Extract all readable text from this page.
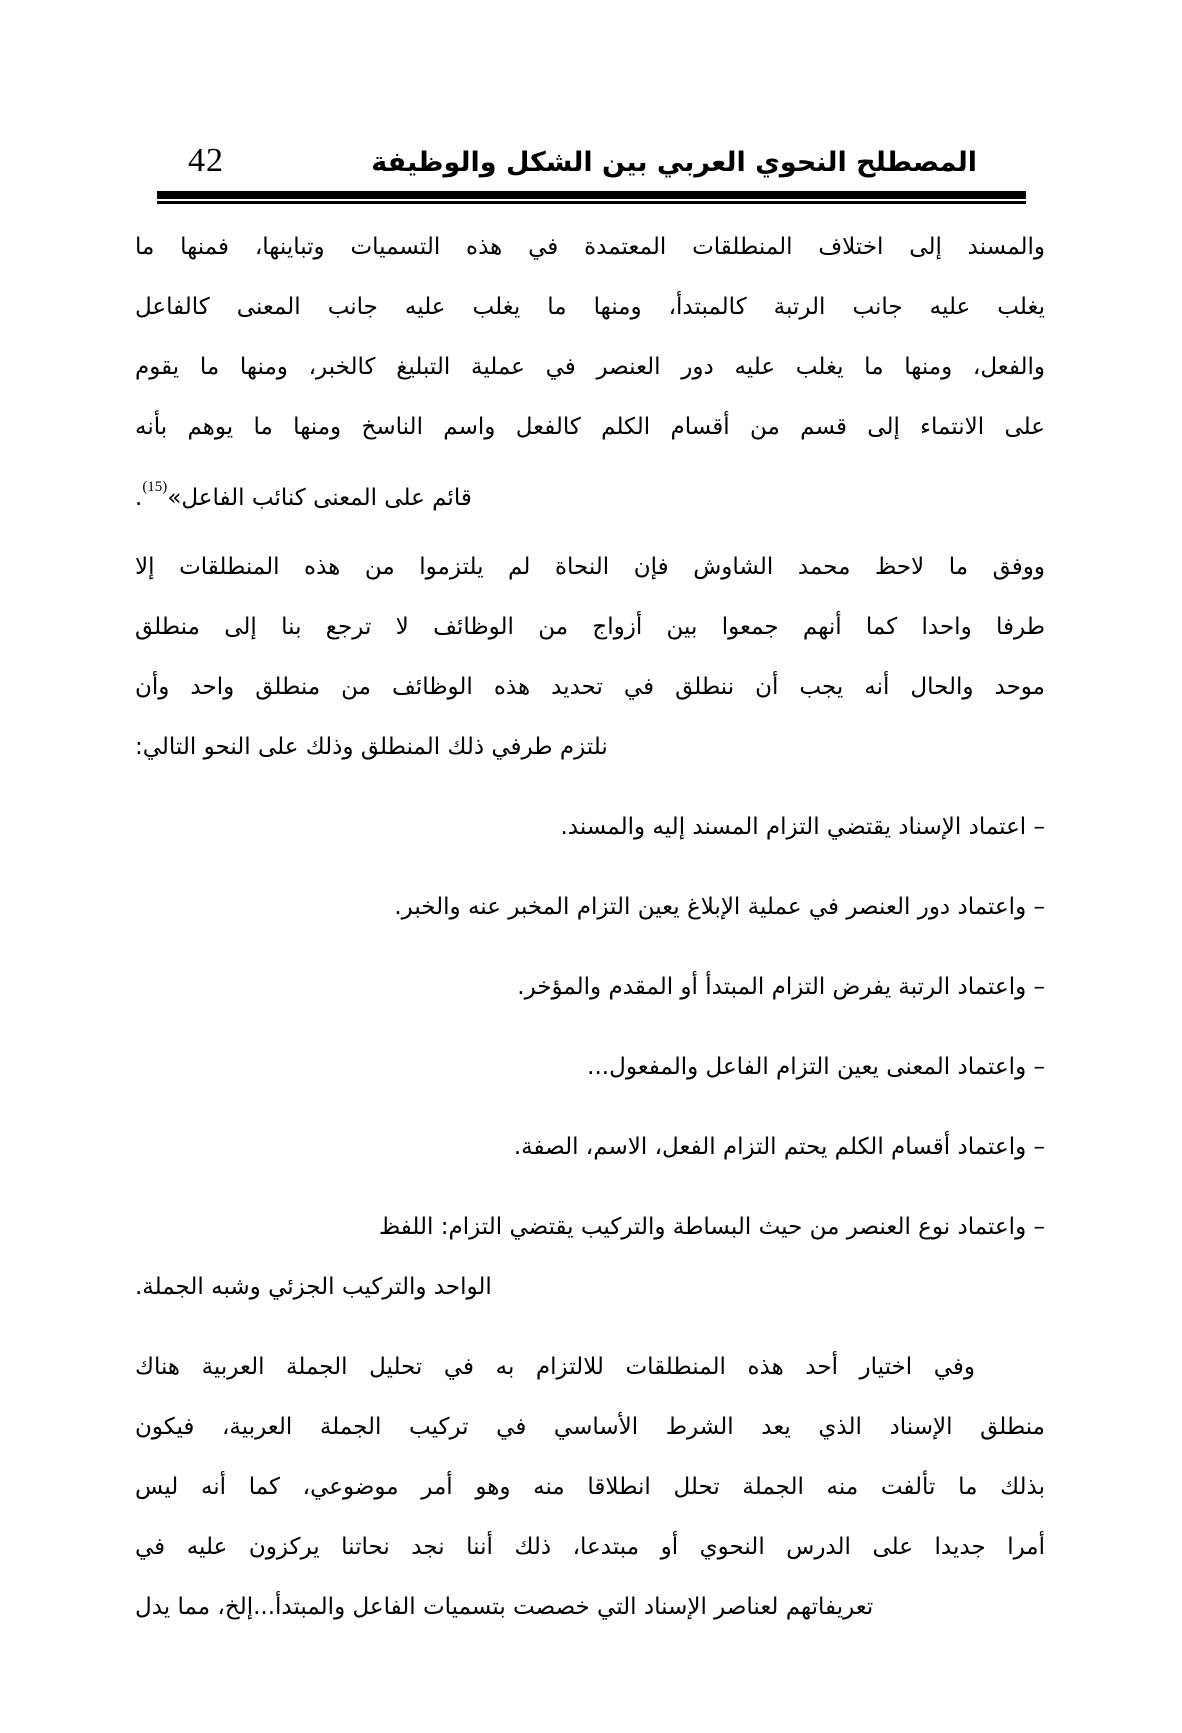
42	المصطلح النحوي العربي بين الشكل والوظيفة
والمسند إلى اختلاف المنطلقات المعتمدة في هذه التسميات وتباينها، فمنها ما
يغلب عليه جانب الرتبة كالمبتدأ، ومنها ما يغلب عليه جانب المعنى كالفاعل
والفعل، ومنها ما يغلب عليه دور العنصر في عملية التبليغ كالخبر، ومنها ما يقوم
على الانتماء إلى قسم من أقسام الكلم كالفعل واسم الناسخ ومنها ما يوهم بأنه
قائم على المعنى كنائب الفاعل»$^{(15)}$.
ووفق ما لاحظ محمد الشاوش فإن النحاة لم يلتزموا من هذه المنطلقات إلا
طرفا واحدا كما أنهم جمعوا بين أزواج من الوظائف لا ترجع بنا إلى منطلق
موحد والحال أنه يجب أن ننطلق في تحديد هذه الوظائف من منطلق واحد وأن
نلتزم طرفي ذلك المنطلق وذلك على النحو التالي:
– اعتماد الإسناد يقتضي التزام المسند إليه والمسند.
– واعتماد دور العنصر في عملية الإبلاغ يعين التزام المخبر عنه والخبر.
– واعتماد الرتبة يفرض التزام المبتدأ أو المقدم والمؤخر.
– واعتماد المعنى يعين التزام الفاعل والمفعول...
– واعتماد أقسام الكلم يحتم التزام الفعل، الاسم، الصفة.
– واعتماد نوع العنصر من حيث البساطة والتركيب يقتضي التزام: اللفظ
الواحد والتركيب الجزئي وشبه الجملة.
وفي اختيار أحد هذه المنطلقات للالتزام به في تحليل الجملة العربية هناك
منطلق الإسناد الذي يعد الشرط الأساسي في تركيب الجملة العربية، فيكون
بذلك ما تألفت منه الجملة تحلل انطلاقا منه وهو أمر موضوعي، كما أنه ليس
أمرا جديدا على الدرس النحوي أو مبتدعا، ذلك أننا نجد نحاتنا يركزون عليه في
تعريفاتهم لعناصر الإسناد التي خصصت بتسميات الفاعل والمبتدأ...إلخ، مما يدل
